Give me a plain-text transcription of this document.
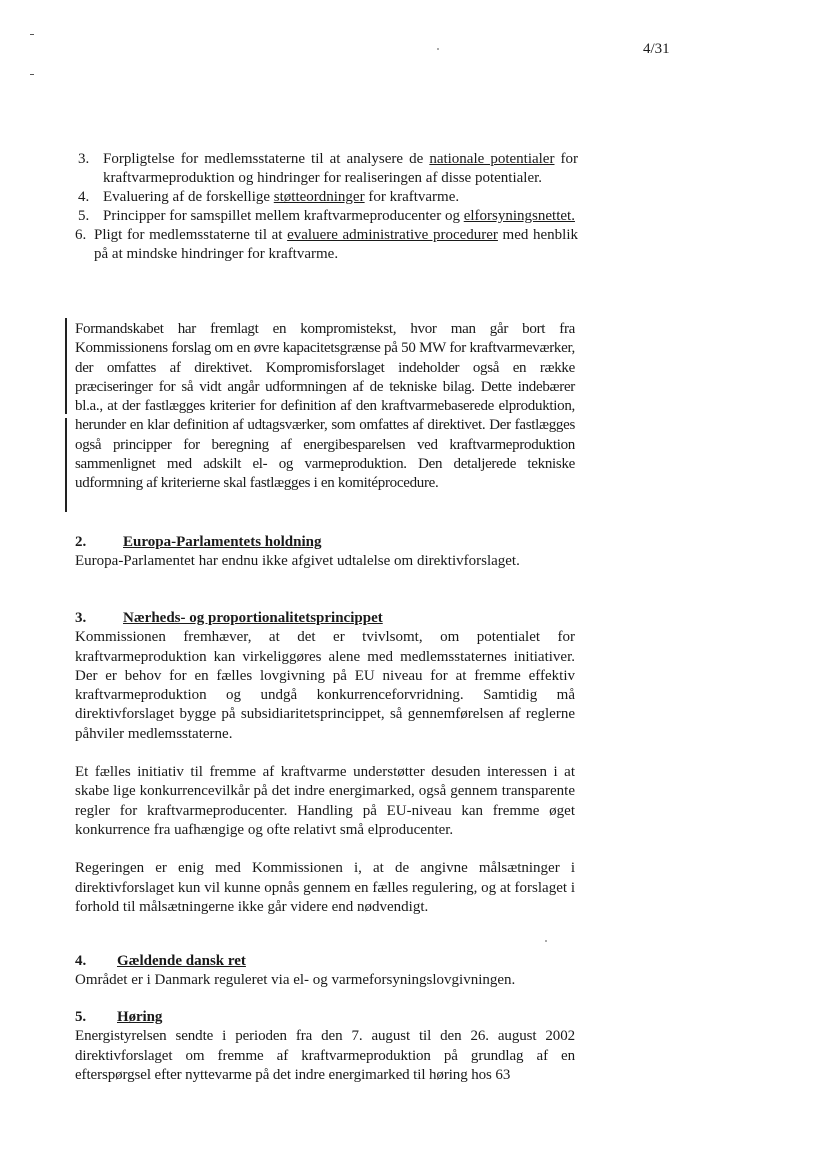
4/31
3. Forpligtelse for medlemsstaterne til at analysere de nationale potentialer for kraftvarmeproduktion og hindringer for realiseringen af disse potentialer.
4. Evaluering af de forskellige støtteordninger for kraftvarme.
5. Principper for samspillet mellem kraftvarmeproducenter og elforsyningsnettet.
6. Pligt for medlemsstaterne til at evaluere administrative procedurer med henblik på at mindske hindringer for kraftvarme.

Formandskabet har fremlagt en kompromistekst, hvor man går bort fra Kommissionens forslag om en øvre kapacitetsgrænse på 50 MW for kraftvarmeværker, der omfattes af direktivet. Kompromisforslaget indeholder også en række præciseringer for så vidt angår udformningen af de tekniske bilag. Dette indebærer bl.a., at der fastlægges kriterier for definition af den kraftvarmebaserede elproduktion, herunder en klar definition af udtagsværker, som omfattes af direktivet. Der fastlægges også principper for beregning af energibesparelsen ved kraftvarmeproduktion sammenlignet med adskilt el- og varmeproduktion. Den detaljerede tekniske udformning af kriterierne skal fastlægges i en komitéprocedure.

2.	Europa-Parlamentets holdning

Europa-Parlamentet har endnu ikke afgivet udtalelse om direktivforslaget.

3.	Nærheds- og proportionalitetsprincippet

Kommissionen fremhæver, at det er tvivlsomt, om potentialet for kraftvarmeproduktion kan virkeliggøres alene med medlemsstaternes initiativer. Der er behov for en fælles lovgivning på EU niveau for at fremme effektiv kraftvarmeproduktion og undgå konkurrenceforvridning. Samtidig må direktivforslaget bygge på subsidiaritetsprincippet, så gennemførelsen af reglerne påhviler medlemsstaterne.

Et fælles initiativ til fremme af kraftvarme understøtter desuden interessen i at skabe lige konkurrencevilkår på det indre energimarked, også gennem transparente regler for kraftvarmeproducenter. Handling på EU-niveau kan fremme øget konkurrence fra uafhængige og ofte relativt små elproducenter.

Regeringen er enig med Kommissionen i, at de angivne målsætninger i direktivforslaget kun vil kunne opnås gennem en fælles regulering, og at forslaget i forhold til målsætningerne ikke går videre end nødvendigt.

4.	Gældende dansk ret

Området er i Danmark reguleret via el- og varmeforsyningslovgivningen.

5.	Høring

Energistyrelsen sendte i perioden fra den 7. august til den 26. august 2002 direktivforslaget om fremme af kraftvarmeproduktion på grundlag af en efterspørgsel efter nyttevarme på det indre energimarked til høring hos 63
